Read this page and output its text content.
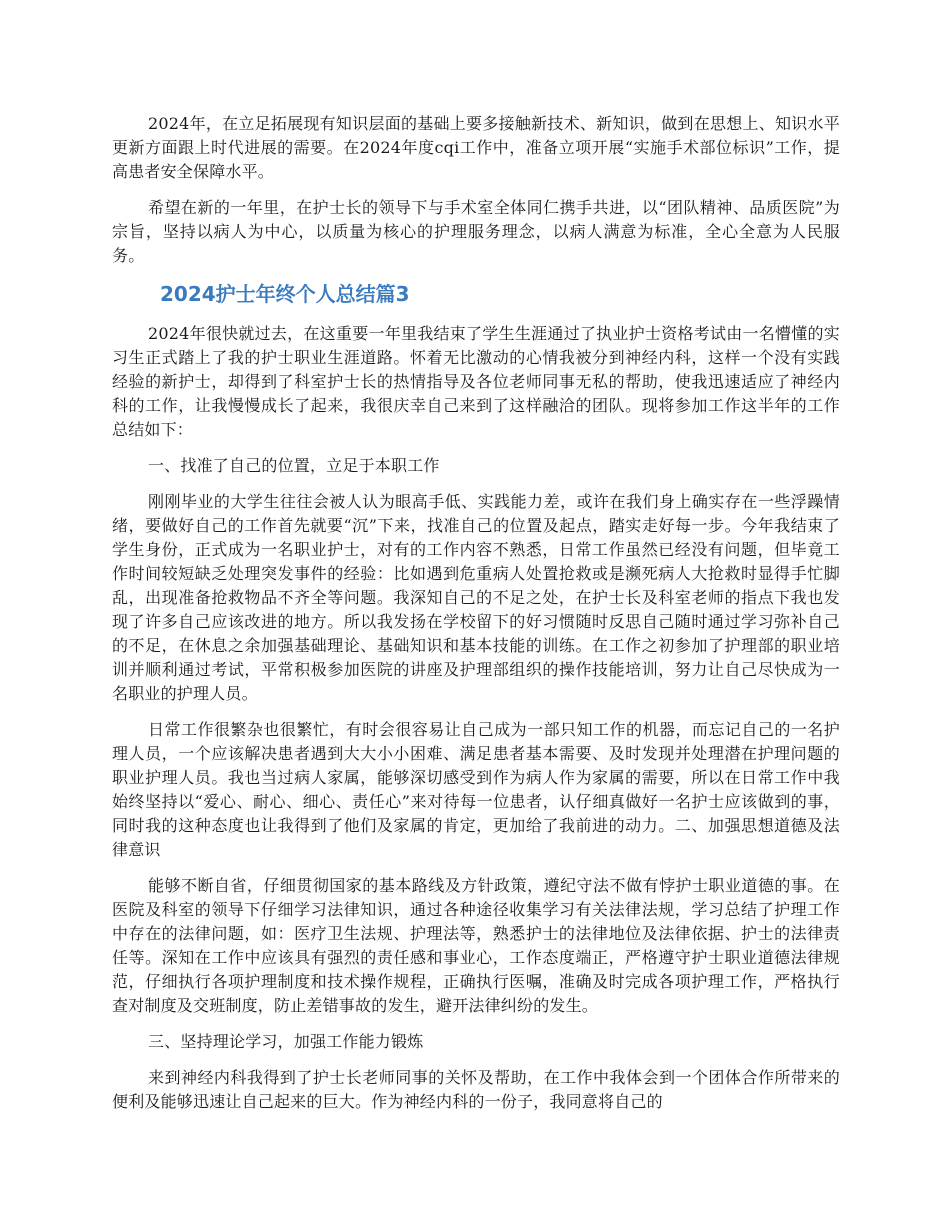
2024年，在立足拓展现有知识层面的基础上要多接触新技术、新知识，做到在思想上、知识水平更新方面跟上时代进展的需要。在2024年度cqi工作中，准备立项开展“实施手术部位标识”工作，提高患者安全保障水平。

希望在新的一年里，在护士长的领导下与手术室全体同仁携手共进，以“团队精神、品质医院”为宗旨，坚持以病人为中心，以质量为核心的护理服务理念，以病人满意为标准，全心全意为人民服务。

2024护士年终个人总结篇3

2024年很快就过去，在这重要一年里我结束了学生生涯通过了执业护士资格考试由一名懵懂的实习生正式踏上了我的护士职业生涯道路。怀着无比激动的心情我被分到神经内科，这样一个没有实践经验的新护士，却得到了科室护士长的热情指导及各位老师同事无私的帮助，使我迅速适应了神经内科的工作，让我慢慢成长了起来，我很庆幸自己来到了这样融洽的团队。现将参加工作这半年的工作总结如下：

一、找准了自己的位置，立足于本职工作

刚刚毕业的大学生往往会被人认为眼高手低、实践能力差，或许在我们身上确实存在一些浮躁情绪，要做好自己的工作首先就要“沉”下来，找准自己的位置及起点，踏实走好每一步。今年我结束了学生身份，正式成为一名职业护士，对有的工作内容不熟悉，日常工作虽然已经没有问题，但毕竟工作时间较短缺乏处理突发事件的经验：比如遇到危重病人处置抢救或是濒死病人大抢救时显得手忙脚乱，出现准备抢救物品不齐全等问题。我深知自己的不足之处，在护士长及科室老师的指点下我也发现了许多自己应该改进的地方。所以我发扬在学校留下的好习惯随时反思自己随时通过学习弥补自己的不足，在休息之余加强基础理论、基础知识和基本技能的训练。在工作之初参加了护理部的职业培训并顺利通过考试，平常积极参加医院的讲座及护理部组织的操作技能培训，努力让自己尽快成为一名职业的护理人员。

日常工作很繁杂也很繁忙，有时会很容易让自己成为一部只知工作的机器，而忘记自己的一名护理人员，一个应该解决患者遇到大大小小困难、满足患者基本需要、及时发现并处理潜在护理问题的职业护理人员。我也当过病人家属，能够深切感受到作为病人作为家属的需要，所以在日常工作中我始终坚持以“爱心、耐心、细心、责任心”来对待每一位患者，认仔细真做好一名护士应该做到的事，同时我的这种态度也让我得到了他们及家属的肯定，更加给了我前进的动力。二、加强思想道德及法律意识

能够不断自省，仔细贯彻国家的基本路线及方针政策，遵纪守法不做有悖护士职业道德的事。在医院及科室的领导下仔细学习法律知识，通过各种途径收集学习有关法律法规，学习总结了护理工作中存在的法律问题，如：医疗卫生法规、护理法等，熟悉护士的法律地位及法律依据、护士的法律责任等。深知在工作中应该具有强烈的责任感和事业心，工作态度端正，严格遵守护士职业道德法律规范，仔细执行各项护理制度和技术操作规程，正确执行医嘱，准确及时完成各项护理工作，严格执行查对制度及交班制度，防止差错事故的发生，避开法律纠纷的发生。

三、坚持理论学习，加强工作能力锻炼

来到神经内科我得到了护士长老师同事的关怀及帮助，在工作中我体会到一个团体合作所带来的便利及能够迅速让自己起来的巨大。作为神经内科的一份子，我同意将自己的
